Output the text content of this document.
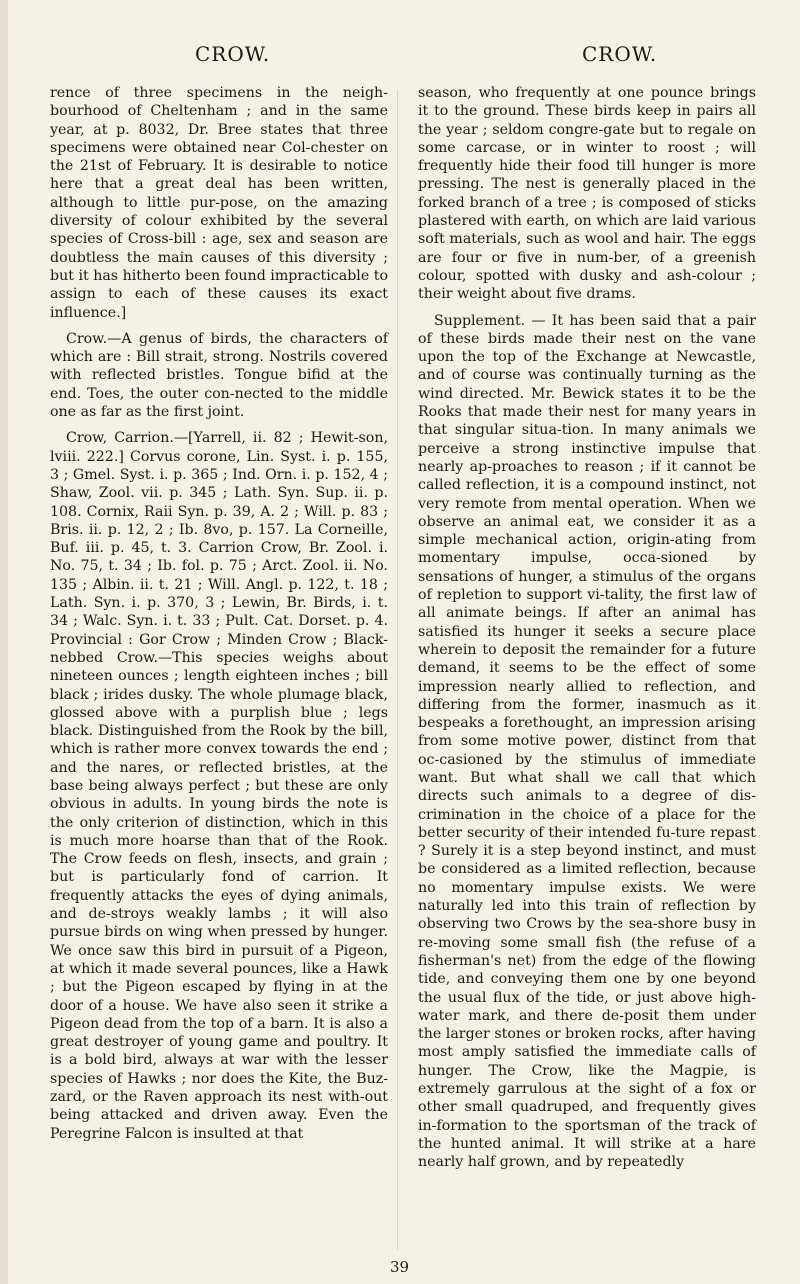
CROW.	CROW.

rence of three specimens in the neigh-bourhood of Cheltenham ; and in the same year, at p. 8032, Dr. Bree states that three specimens were obtained near Col-chester on the 21st of February. It is desirable to notice here that a great deal has been written, although to little pur-pose, on the amazing diversity of colour exhibited by the several species of Cross-bill : age, sex and season are doubtless the main causes of this diversity ; but it has hitherto been found impracticable to assign to each of these causes its exact influence.]

Crow.—A genus of birds, the characters of which are : Bill strait, strong. Nostrils covered with reflected bristles. Tongue bifid at the end. Toes, the outer con-nected to the middle one as far as the first joint.

Crow, Carrion.—[Yarrell, ii. 82 ; Hewit-son, lviii. 222.] Corvus corone, Lin. Syst. i. p. 155, 3 ; Gmel. Syst. i. p. 365 ; Ind. Orn. i. p. 152, 4 ; Shaw, Zool. vii. p. 345 ; Lath. Syn. Sup. ii. p. 108. Cornix, Raii Syn. p. 39, A. 2 ; Will. p. 83 ; Bris. ii. p. 12, 2 ; Ib. 8vo, p. 157. La Corneille, Buf. iii. p. 45, t. 3. Carrion Crow, Br. Zool. i. No. 75, t. 34 ; Ib. fol. p. 75 ; Arct. Zool. ii. No. 135 ; Albin. ii. t. 21 ; Will. Angl. p. 122, t. 18 ; Lath. Syn. i. p. 370, 3 ; Lewin, Br. Birds, i. t. 34 ; Walc. Syn. i. t. 33 ; Pult. Cat. Dorset. p. 4. Provincial : Gor Crow ; Minden Crow ; Black-nebbed Crow.—This species weighs about nineteen ounces ; length eighteen inches ; bill black ; irides dusky. The whole plumage black, glossed above with a purplish blue ; legs black. Distinguished from the Rook by the bill, which is rather more convex towards the end ; and the nares, or reflected bristles, at the base being always perfect ; but these are only obvious in adults. In young birds the note is the only criterion of distinction, which in this is much more hoarse than that of the Rook. The Crow feeds on flesh, insects, and grain ; but is particularly fond of carrion. It frequently attacks the eyes of dying animals, and de-stroys weakly lambs ; it will also pursue birds on wing when pressed by hunger. We once saw this bird in pursuit of a Pigeon, at which it made several pounces, like a Hawk ; but the Pigeon escaped by flying in at the door of a house. We have also seen it strike a Pigeon dead from the top of a barn. It is also a great destroyer of young game and poultry. It is a bold bird, always at war with the lesser species of Hawks ; nor does the Kite, the Buz-zard, or the Raven approach its nest with-out being attacked and driven away. Even the Peregrine Falcon is insulted at that

season, who frequently at one pounce brings it to the ground. These birds keep in pairs all the year ; seldom congre-gate but to regale on some carcase, or in winter to roost ; will frequently hide their food till hunger is more pressing. The nest is generally placed in the forked branch of a tree ; is composed of sticks plastered with earth, on which are laid various soft materials, such as wool and hair. The eggs are four or five in num-ber, of a greenish colour, spotted with dusky and ash-colour ; their weight about five drams.

Supplement. — It has been said that a pair of these birds made their nest on the vane upon the top of the Exchange at Newcastle, and of course was continually turning as the wind directed. Mr. Bewick states it to be the Rooks that made their nest for many years in that singular situa-tion. In many animals we perceive a strong instinctive impulse that nearly ap-proaches to reason ; if it cannot be called reflection, it is a compound instinct, not very remote from mental operation. When we observe an animal eat, we consider it as a simple mechanical action, origin-ating from momentary impulse, occa-sioned by sensations of hunger, a stimulus of the organs of repletion to support vi-tality, the first law of all animate beings. If after an animal has satisfied its hunger it seeks a secure place wherein to deposit the remainder for a future demand, it seems to be the effect of some impression nearly allied to reflection, and differing from the former, inasmuch as it bespeaks a forethought, an impression arising from some motive power, distinct from that oc-casioned by the stimulus of immediate want. But what shall we call that which directs such animals to a degree of dis-crimination in the choice of a place for the better security of their intended fu-ture repast ? Surely it is a step beyond instinct, and must be considered as a limited reflection, because no momentary impulse exists. We were naturally led into this train of reflection by observing two Crows by the sea-shore busy in re-moving some small fish (the refuse of a fisherman's net) from the edge of the flowing tide, and conveying them one by one beyond the usual flux of the tide, or just above high-water mark, and there de-posit them under the larger stones or broken rocks, after having most amply satisfied the immediate calls of hunger. The Crow, like the Magpie, is extremely garrulous at the sight of a fox or other small quadruped, and frequently gives in-formation to the sportsman of the track of the hunted animal. It will strike at a hare nearly half grown, and by repeatedly

39
